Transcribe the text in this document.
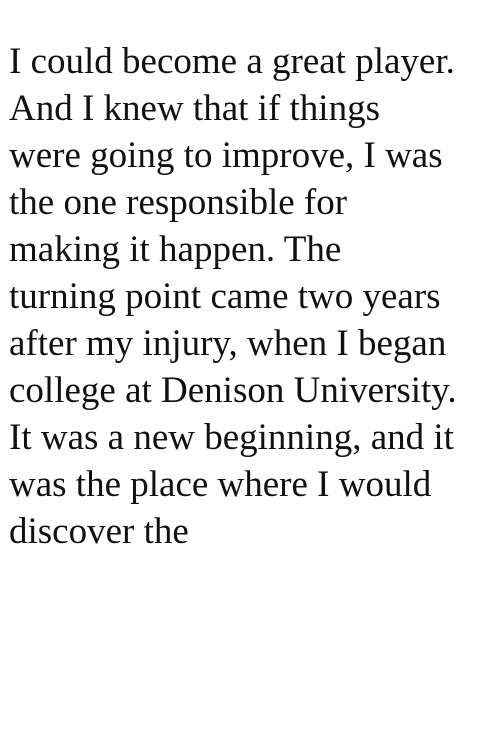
I could become a great player.
And I knew that if things
were going to improve, I was
the one responsible for
making it happen. The
turning point came two years
after my injury, when I began
college at Denison University.
It was a new beginning, and it
was the place where I would
discover the
